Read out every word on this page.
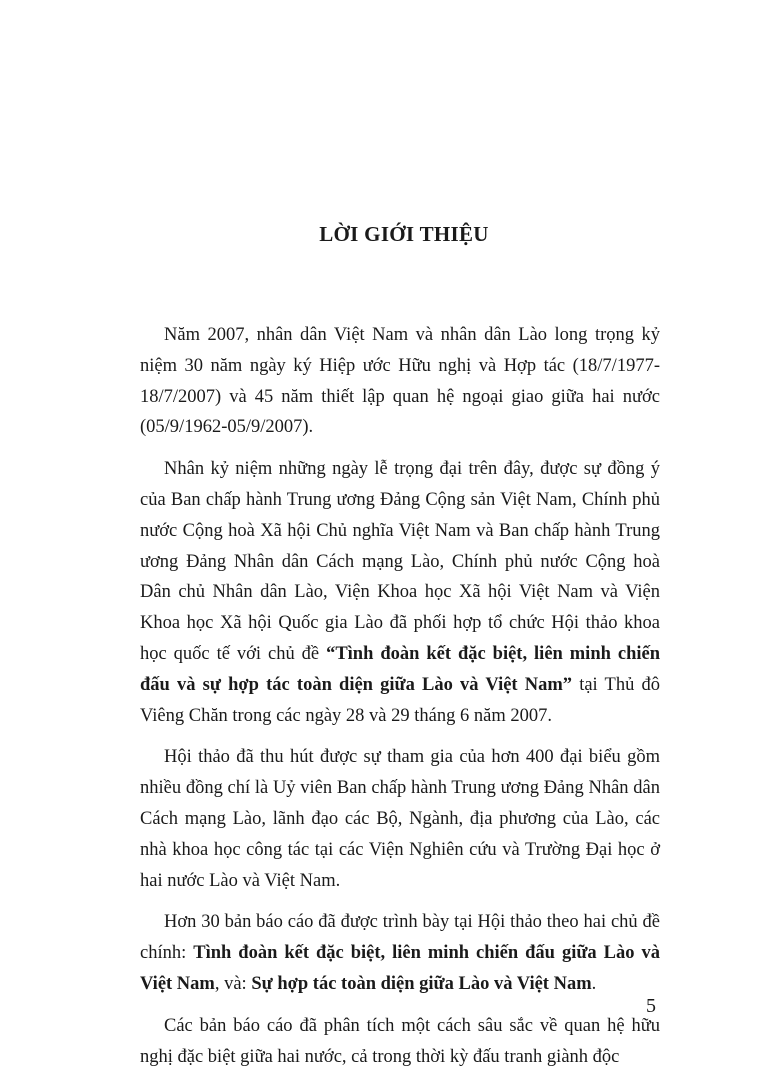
LỜI GIỚI THIỆU

Năm 2007, nhân dân Việt Nam và nhân dân Lào long trọng kỷ niệm 30 năm ngày ký Hiệp ước Hữu nghị và Hợp tác (18/7/1977-18/7/2007) và 45 năm thiết lập quan hệ ngoại giao giữa hai nước (05/9/1962-05/9/2007).

Nhân kỷ niệm những ngày lễ trọng đại trên đây, được sự đồng ý của Ban chấp hành Trung ương Đảng Cộng sản Việt Nam, Chính phủ nước Cộng hoà Xã hội Chủ nghĩa Việt Nam và Ban chấp hành Trung ương Đảng Nhân dân Cách mạng Lào, Chính phủ nước Cộng hoà Dân chủ Nhân dân Lào, Viện Khoa học Xã hội Việt Nam và Viện Khoa học Xã hội Quốc gia Lào đã phối hợp tổ chức Hội thảo khoa học quốc tế với chủ đề “Tình đoàn kết đặc biệt, liên minh chiến đấu và sự hợp tác toàn diện giữa Lào và Việt Nam” tại Thủ đô Viêng Chăn trong các ngày 28 và 29 tháng 6 năm 2007.

Hội thảo đã thu hút được sự tham gia của hơn 400 đại biểu gồm nhiều đồng chí là Uỷ viên Ban chấp hành Trung ương Đảng Nhân dân Cách mạng Lào, lãnh đạo các Bộ, Ngành, địa phương của Lào, các nhà khoa học công tác tại các Viện Nghiên cứu và Trường Đại học ở hai nước Lào và Việt Nam.

Hơn 30 bản báo cáo đã được trình bày tại Hội thảo theo hai chủ đề chính: Tình đoàn kết đặc biệt, liên minh chiến đấu giữa Lào và Việt Nam, và: Sự hợp tác toàn diện giữa Lào và Việt Nam.

Các bản báo cáo đã phân tích một cách sâu sắc về quan hệ hữu nghị đặc biệt giữa hai nước, cả trong thời kỳ đấu tranh giành độc

5
